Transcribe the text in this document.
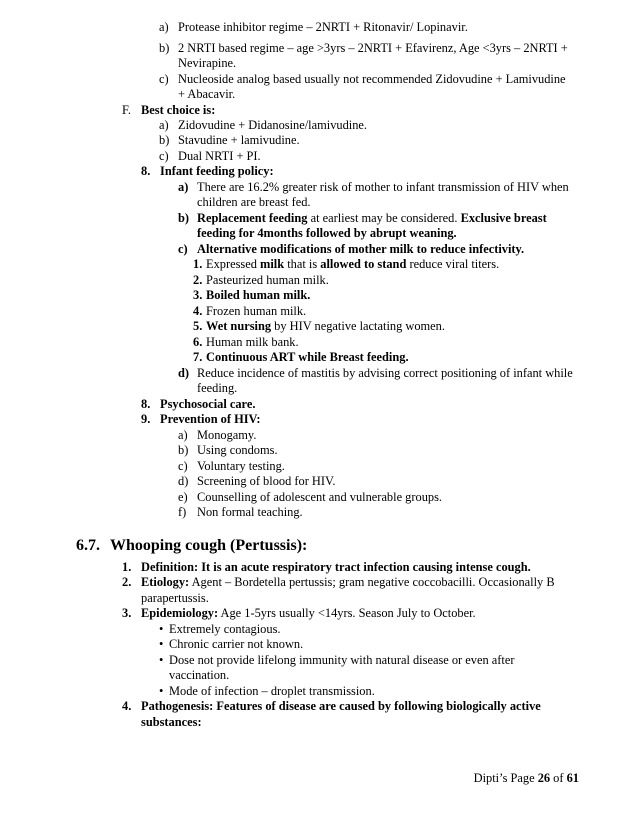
a) Protease inhibitor regime – 2NRTI + Ritonavir/ Lopinavir.
b) 2 NRTI based regime – age >3yrs – 2NRTI + Efavirenz, Age <3yrs – 2NRTI +
Nevirapine.
c) Nucleoside analog based usually not recommended Zidovudine + Lamivudine
+ Abacavir.
F. Best choice is:
a) Zidovudine + Didanosine/lamivudine.
b) Stavudine + lamivudine.
c) Dual NRTI + PI.
8. Infant feeding policy:
a) There are 16.2% greater risk of mother to infant transmission of HIV when
children are breast fed.
b) Replacement feeding at earliest may be considered. Exclusive breast
feeding for 4months followed by abrupt weaning.
c) Alternative modifications of mother milk to reduce infectivity.
1. Expressed milk that is allowed to stand reduce viral titers.
2. Pasteurized human milk.
3. Boiled human milk.
4. Frozen human milk.
5. Wet nursing by HIV negative lactating women.
6. Human milk bank.
7. Continuous ART while Breast feeding.
d) Reduce incidence of mastitis by advising correct positioning of infant while
feeding.
8. Psychosocial care.
9. Prevention of HIV:
a) Monogamy.
b) Using condoms.
c) Voluntary testing.
d) Screening of blood for HIV.
e) Counselling of adolescent and vulnerable groups.
f) Non formal teaching.
6.7. Whooping cough (Pertussis):
1. Definition: It is an acute respiratory tract infection causing intense cough.
2. Etiology: Agent – Bordetella pertussis; gram negative coccobacilli. Occasionally B
parapertussis.
3. Epidemiology: Age 1-5yrs usually <14yrs. Season July to October.
• Extremely contagious.
• Chronic carrier not known.
• Dose not provide lifelong immunity with natural disease or even after
vaccination.
• Mode of infection – droplet transmission.
4. Pathogenesis: Features of disease are caused by following biologically active
substances:
Dipti’s Page 26 of 61
